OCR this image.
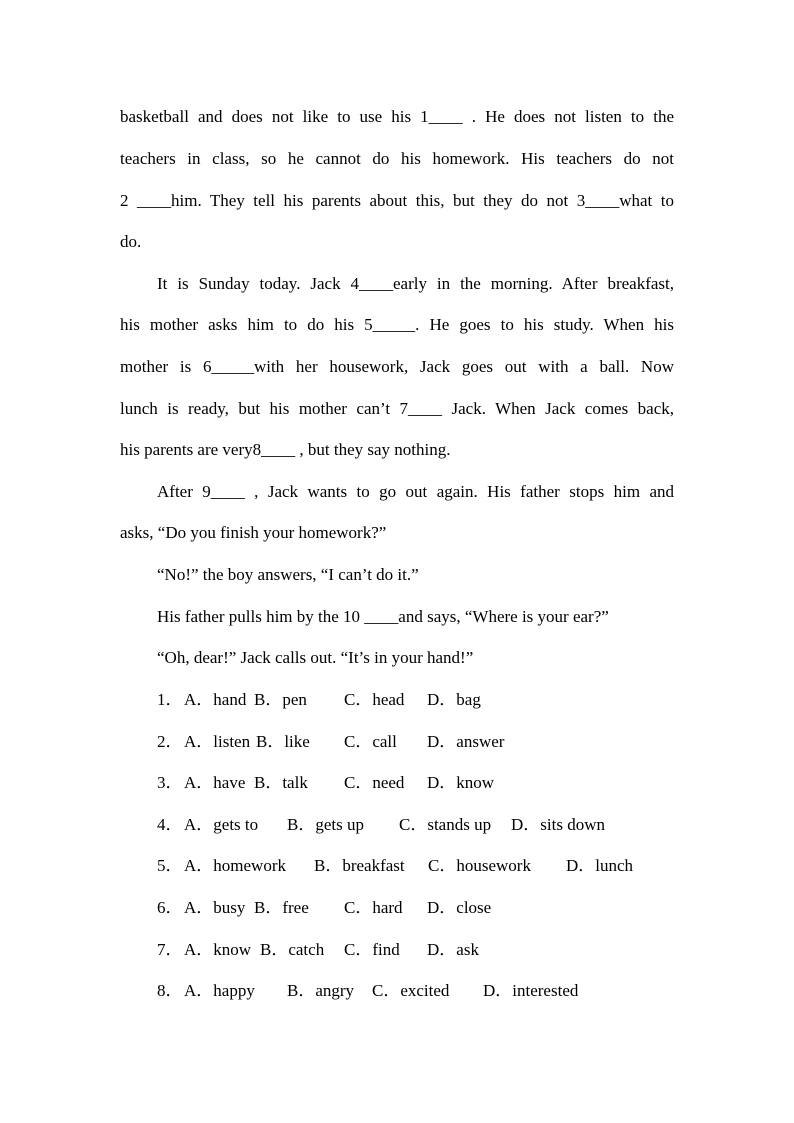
basketball and does not like to use his 1____ . He does not listen to the
teachers in class, so he cannot do his homework. His teachers do not
2 ____him. They tell his parents about this, but they do not 3____what to
do.
It is Sunday today. Jack 4____early in the morning. After breakfast,
his mother asks him to do his 5_____. He goes to his study. When his
mother is 6_____with her housework, Jack goes out with a ball. Now
lunch is ready, but his mother can’t 7____ Jack. When Jack comes back,
his parents are very8____ , but they say nothing.
After 9____ , Jack wants to go out again. His father stops him and
asks, “Do you finish your homework?”
“No!” the boy answers, “I can’t do it.”
His father pulls him by the 10 ____and says, “Where is your ear?”
“Oh, dear!” Jack calls out. “It’s in your hand!”
1． A．hand B．pen C．head D．bag
2． A．listen B．like C．call D．answer
3． A．have B．talk C．need D．know
4． A．gets to B．gets up C．stands up D．sits down
5． A．homework B．breakfast C．housework D．lunch
6． A．busy B．free C．hard D．close
7． A．know B．catch C．find D．ask
8． A．happy B．angry C．excited D．interested
